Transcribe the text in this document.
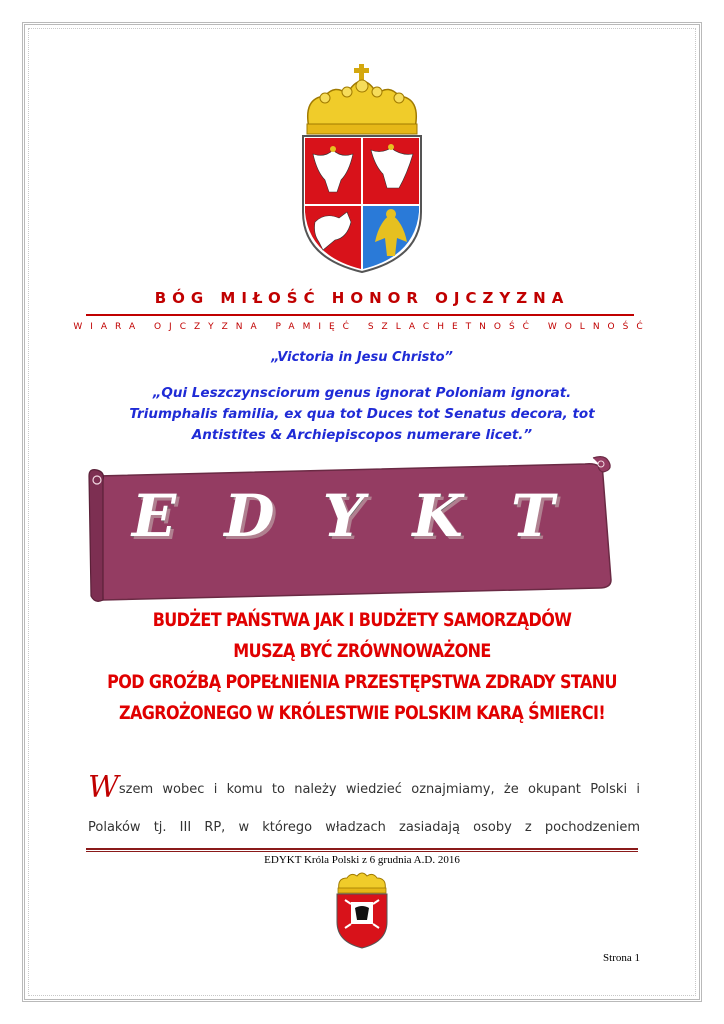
BÓG MIŁOŚĆ HONOR OJCZYZNA
WIARA OJCZYZNA PAMIĘĆ SZLACHETNOŚĆ WOLNOŚĆ
„Victoria in Jesu Christo”
„Qui Leszczynsciorum genus ignorat Poloniam ignorat.
Triumphalis familia, ex qua tot Duces tot Senatus decora, tot
Antistites & Archiepiscopos numerare licet.”
E D Y K T
BUDŻET PAŃSTWA JAK I BUDŻETY SAMORZĄDÓW
MUSZĄ BYĆ ZRÓWNOWAŻONE
POD GROŹBĄ POPEŁNIENIA PRZESTĘPSTWA ZDRADY STANU
ZAGROŻONEGO W KRÓLESTWIE POLSKIM KARĄ ŚMIERCI!
Wszem wobec i komu to należy wiedzieć oznajmiamy, że okupant Polski i
Polaków tj. III RP, w którego władzach zasiadają osoby z pochodzeniem
EDYKT Króla Polski z 6 grudnia A.D. 2016
Strona 1
